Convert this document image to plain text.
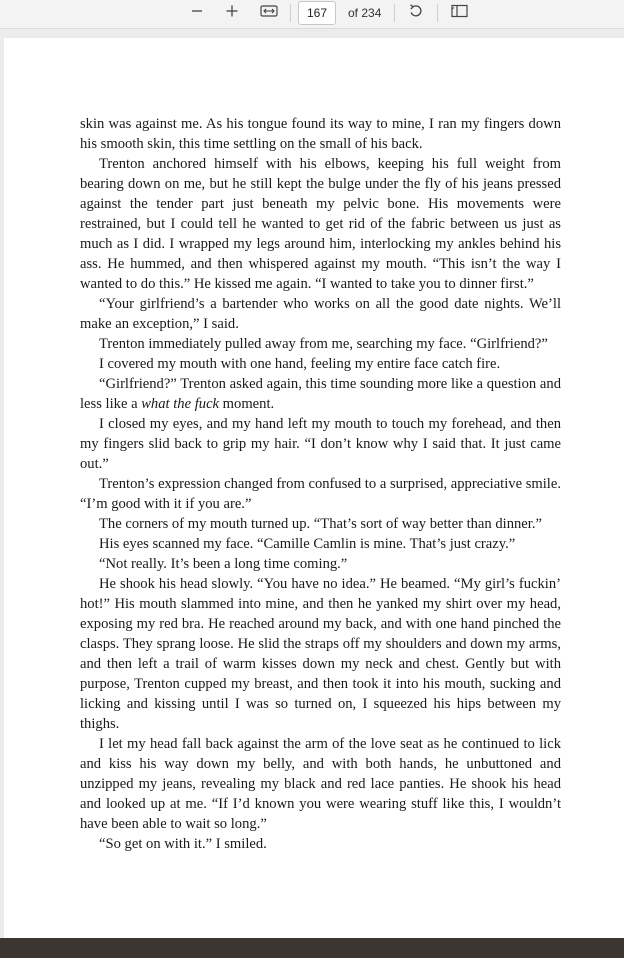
167
of 234

skin was against me. As his tongue found its way to mine, I ran my fingers down his smooth skin, this time settling on the small of his back.

Trenton anchored himself with his elbows, keeping his full weight from bearing down on me, but he still kept the bulge under the fly of his jeans pressed against the tender part just beneath my pelvic bone. His movements were restrained, but I could tell he wanted to get rid of the fabric between us just as much as I did. I wrapped my legs around him, interlocking my ankles behind his ass. He hummed, and then whispered against my mouth. “This isn’t the way I wanted to do this.” He kissed me again. “I wanted to take you to dinner first.”

“Your girlfriend’s a bartender who works on all the good date nights. We’ll make an exception,” I said.

Trenton immediately pulled away from me, searching my face. “Girlfriend?”

I covered my mouth with one hand, feeling my entire face catch fire.

“Girlfriend?” Trenton asked again, this time sounding more like a question and less like a what the fuck moment.

I closed my eyes, and my hand left my mouth to touch my forehead, and then my fingers slid back to grip my hair. “I don’t know why I said that. It just came out.”

Trenton’s expression changed from confused to a surprised, appreciative smile. “I’m good with it if you are.”

The corners of my mouth turned up. “That’s sort of way better than dinner.”

His eyes scanned my face. “Camille Camlin is mine. That’s just crazy.”

“Not really. It’s been a long time coming.”

He shook his head slowly. “You have no idea.” He beamed. “My girl’s fuckin’ hot!” His mouth slammed into mine, and then he yanked my shirt over my head, exposing my red bra. He reached around my back, and with one hand pinched the clasps. They sprang loose. He slid the straps off my shoulders and down my arms, and then left a trail of warm kisses down my neck and chest. Gently but with purpose, Trenton cupped my breast, and then took it into his mouth, sucking and licking and kissing until I was so turned on, I squeezed his hips between my thighs.

I let my head fall back against the arm of the love seat as he continued to lick and kiss his way down my belly, and with both hands, he unbuttoned and unzipped my jeans, revealing my black and red lace panties. He shook his head and looked up at me. “If I’d known you were wearing stuff like this, I wouldn’t have been able to wait so long.”

“So get on with it.” I smiled.
